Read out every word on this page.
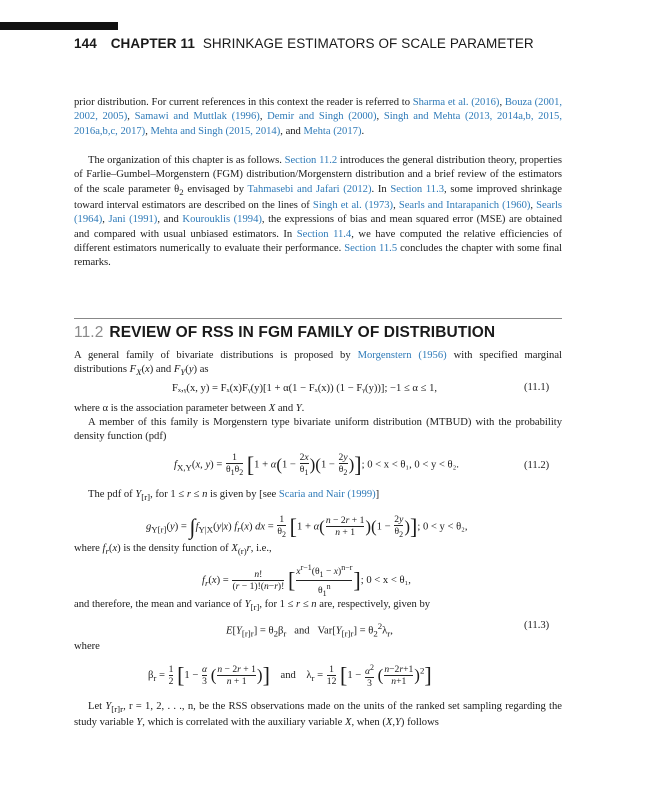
144 CHAPTER 11 SHRINKAGE ESTIMATORS OF SCALE PARAMETER
prior distribution. For current references in this context the reader is referred to Sharma et al. (2016), Bouza (2001, 2002, 2005), Samawi and Muttlak (1996), Demir and Singh (2000), Singh and Mehta (2013, 2014a,b, 2015, 2016a,b,c, 2017), Mehta and Singh (2015, 2014), and Mehta (2017).
The organization of this chapter is as follows. Section 11.2 introduces the general distribution theory, properties of Farlie–Gumbel–Morgenstern (FGM) distribution/Morgenstern distribution and a brief review of the estimators of the scale parameter $\theta_2$ envisaged by Tahmasebi and Jafari (2012). In Section 11.3, some improved shrinkage toward interval estimators are described on the lines of Singh et al. (1973), Searls and Intarapanich (1960), Searls (1964), Jani (1991), and Kourouklis (1994), the expressions of bias and mean squared error (MSE) are obtained and compared with usual unbiased estimators. In Section 11.4, we have computed the relative efficiencies of different estimators numerically to evaluate their performance. Section 11.5 concludes the chapter with some final remarks.
11.2 REVIEW OF RSS IN FGM FAMILY OF DISTRIBUTION
A general family of bivariate distributions is proposed by Morgenstern (1956) with specified marginal distributions $F_X(x)$ and $F_Y(y)$ as
Fₓ,ᵧ(x, y) = Fₓ(x)Fᵧ(y)[1 + α(1 − Fₓ(x)) (1 − Fᵧ(y))]; −1 ≤ α ≤ 1,	(11.1)
where α is the association parameter between X and Y.
A member of this family is Morgenstern type bivariate uniform distribution (MTBUD) with the probability density function (pdf)
$f_{X,Y}(x$, $y) = \frac{1}{\theta_1\theta_2} [1 + \alpha(1 - \frac{2x}{\theta_1} )(1 - \frac{2y}{\theta_2}$ )]; 0 < x < θ₁, 0 < y < θ₂.	(11.2)
The pdf of $Y_{[r]}$, for 1 ≤ r ≤ n is given by [see Scaria and Nair (1999)]
$g_{Y[r]}(y) = \int f_{Y|X}(y|x)$ $f_r(x)$ dx = $\frac{1}{\theta_2} [1 + \alpha( \frac{n - 2r + 1}{n + 1} )(1 - \frac{2y}{\theta_2}$ )]; 0 < y < θ₂,
where $f_r(x)$ is the density function of $X_{(r)}r$, i.e.,
$f_r(x) = \frac{n!}{(r - 1)!(n-r)!}$ [ $\frac{x^{r-1}(\theta_1 - x)^{n-r}}{\theta_1^n}$ ]; 0 < x < θ₁,
and therefore, the mean and variance of $Y_{[r]}$, for 1 ≤ r ≤ n are, respectively, given by
$E[Y_{[r]r}] = \theta_2\beta_r$ and   $Var[Y_{[r]r}] = \theta_2^2\lambda_r$,
(11.3)
where
$\beta_r = \frac{1}{2} [1 - \frac{\alpha}{3}$ ( $\frac{n - 2r + 1}{n + 1}$ )] and    $\lambda_r = \frac{1}{12} [1 - \frac{\alpha^2}{3}$ ( $\frac{n-2r+1}{n+1} )^2$]
Let $Y_{[r]r}$, r = 1, 2, . . ., n, be the RSS observations made on the units of the ranked set sampling regarding the study variable Y, which is correlated with the auxiliary variable X, when (X,Y) follows
